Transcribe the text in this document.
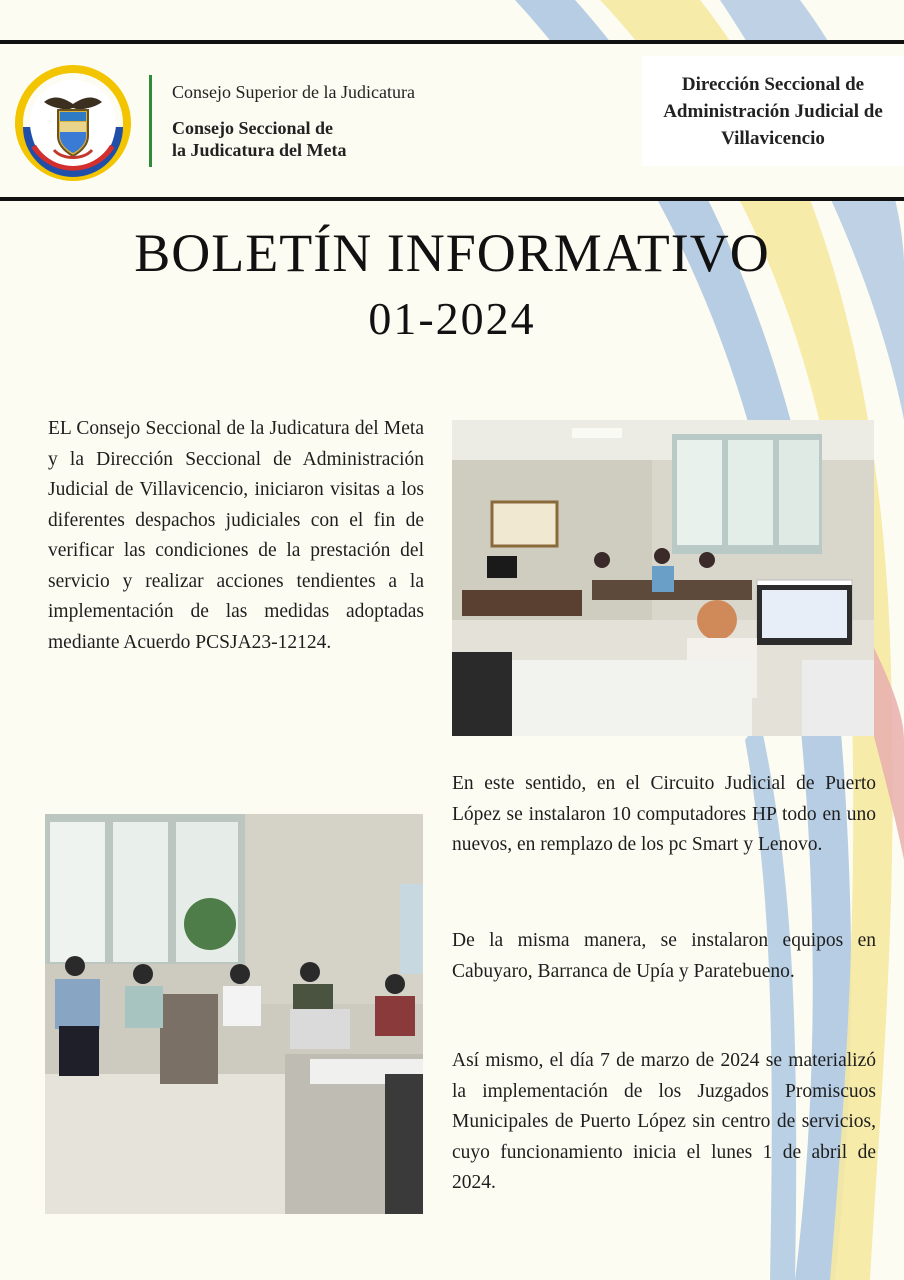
Consejo Superior de la Judicatura
Consejo Seccional de
la Judicatura del Meta
Dirección Seccional de Administración Judicial de Villavicencio
BOLETÍN INFORMATIVO
01-2024

EL Consejo Seccional de la Judicatura del Meta y la Dirección Seccional de Administración Judicial de Villavicencio, iniciaron visitas a los diferentes despachos judiciales con el fin de verificar las condiciones de la prestación del servicio y realizar acciones tendientes a la implementación de las medidas adoptadas mediante Acuerdo PCSJA23-12124.

En este sentido, en el Circuito Judicial de Puerto López se instalaron 10 computadores HP todo en uno nuevos, en remplazo de los pc Smart y Lenovo.

De la misma manera, se instalaron equipos en Cabuyaro, Barranca de Upía y Paratebueno.

Así mismo, el día 7 de marzo de 2024 se materializó la implementación de los Juzgados Promiscuos Municipales de Puerto López sin centro de servicios, cuyo funcionamiento inicia el lunes 1 de abril de 2024.
